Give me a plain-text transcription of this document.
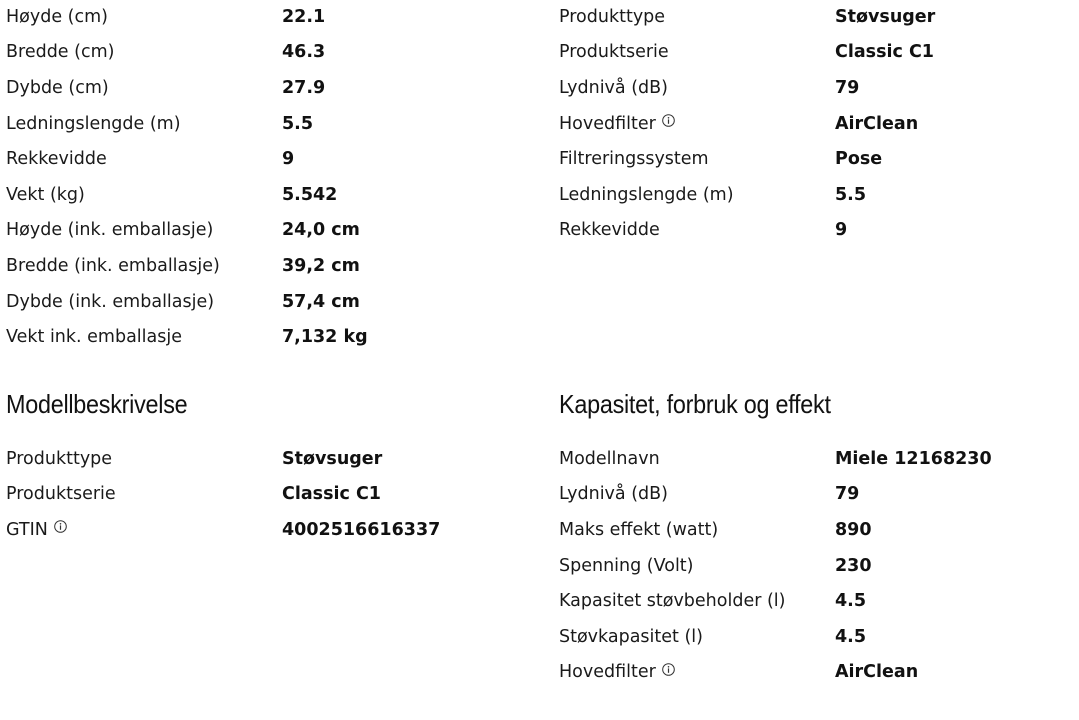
Høyde (cm)	22.1
Bredde (cm)	46.3
Dybde (cm)	27.9
Ledningslengde (m)	5.5
Rekkevidde	9
Vekt (kg)	5.542
Høyde (ink. emballasje)	24,0 cm
Bredde (ink. emballasje)	39,2 cm
Dybde (ink. emballasje)	57,4 cm
Vekt ink. emballasje	7,132 kg
Modellbeskrivelse
Produkttype	Støvsuger
Produktserie	Classic C1
GTIN	4002516616337
Produkttype	Støvsuger
Produktserie	Classic C1
Lydnivå (dB)	79
Hovedfilter	AirClean
Filtreringssystem	Pose
Ledningslengde (m)	5.5
Rekkevidde	9
Kapasitet, forbruk og effekt
Modellnavn	Miele 12168230
Lydnivå (dB)	79
Maks effekt (watt)	890
Spenning (Volt)	230
Kapasitet støvbeholder (l)	4.5
Støvkapasitet (l)	4.5
Hovedfilter	AirClean
